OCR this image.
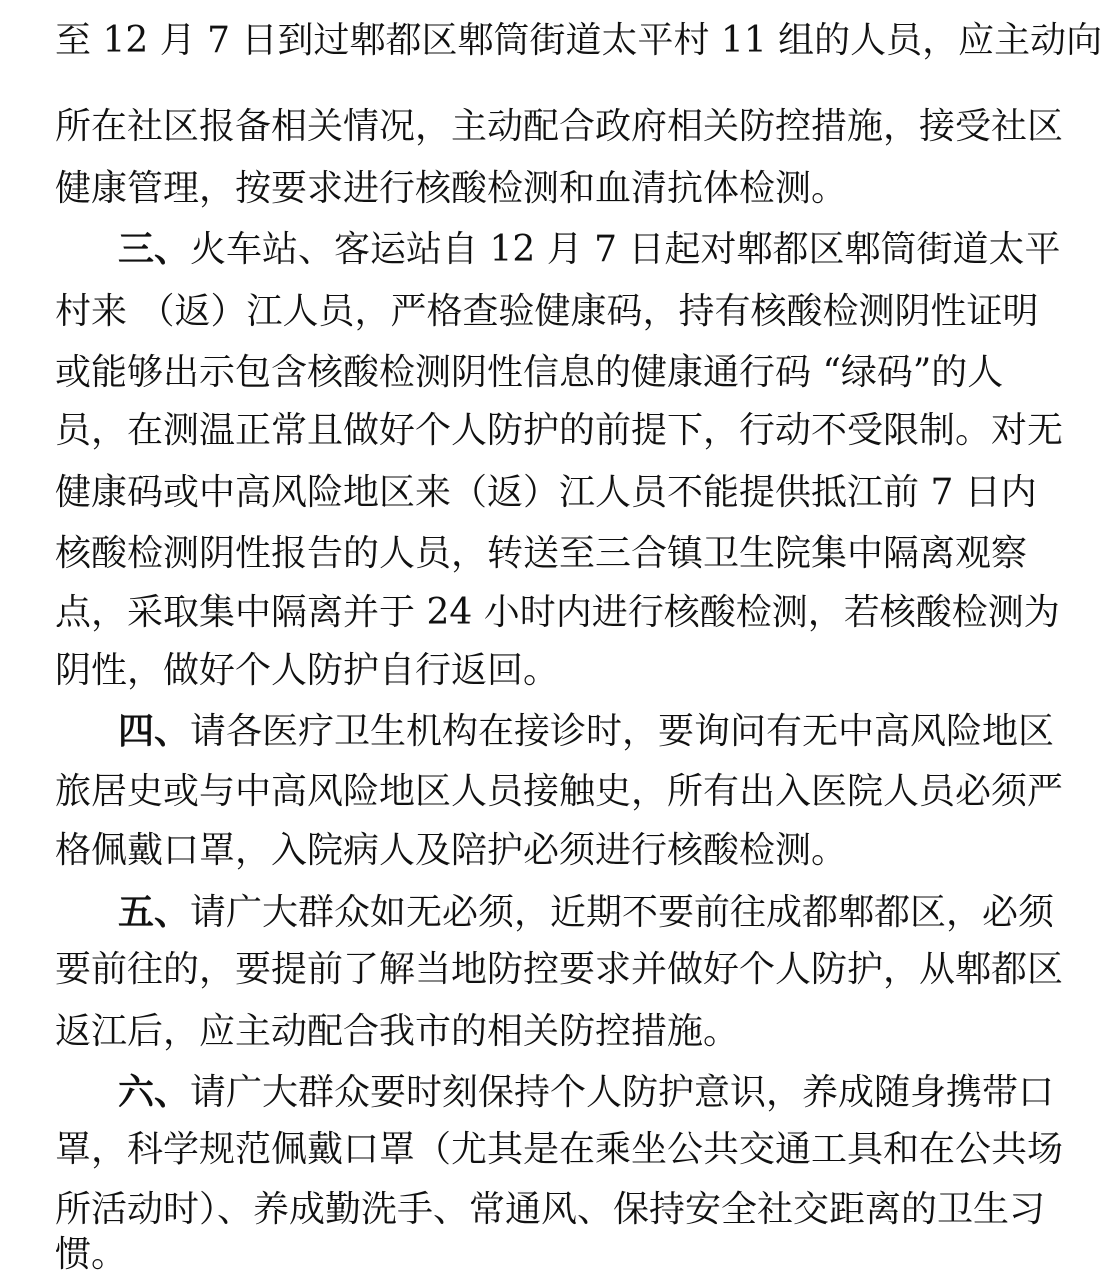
至 12 月 7 日到过郫都区郫筒街道太平村 11 组的人员，应主动向
所在社区报备相关情况，主动配合政府相关防控措施，接受社区
健康管理，按要求进行核酸检测和血清抗体检测。
三、火车站、客运站自 12 月 7 日起对郫都区郫筒街道太平
村来 （返）江人员，严格查验健康码，持有核酸检测阴性证明
或能够出示包含核酸检测阴性信息的健康通行码 “绿码”的人
员，在测温正常且做好个人防护的前提下，行动不受限制。对无
健康码或中高风险地区来（返）江人员不能提供抵江前 7 日内
核酸检测阴性报告的人员，转送至三合镇卫生院集中隔离观察
点，采取集中隔离并于 24 小时内进行核酸检测，若核酸检测为
阴性，做好个人防护自行返回。
四、请各医疗卫生机构在接诊时，要询问有无中高风险地区
旅居史或与中高风险地区人员接触史，所有出入医院人员必须严
格佩戴口罩，入院病人及陪护必须进行核酸检测。
五、请广大群众如无必须，近期不要前往成都郫都区，必须
要前往的，要提前了解当地防控要求并做好个人防护，从郫都区
返江后，应主动配合我市的相关防控措施。
六、请广大群众要时刻保持个人防护意识，养成随身携带口
罩，科学规范佩戴口罩（尤其是在乘坐公共交通工具和在公共场
所活动时）、养成勤洗手、常通风、保持安全社交距离的卫生习
惯。
